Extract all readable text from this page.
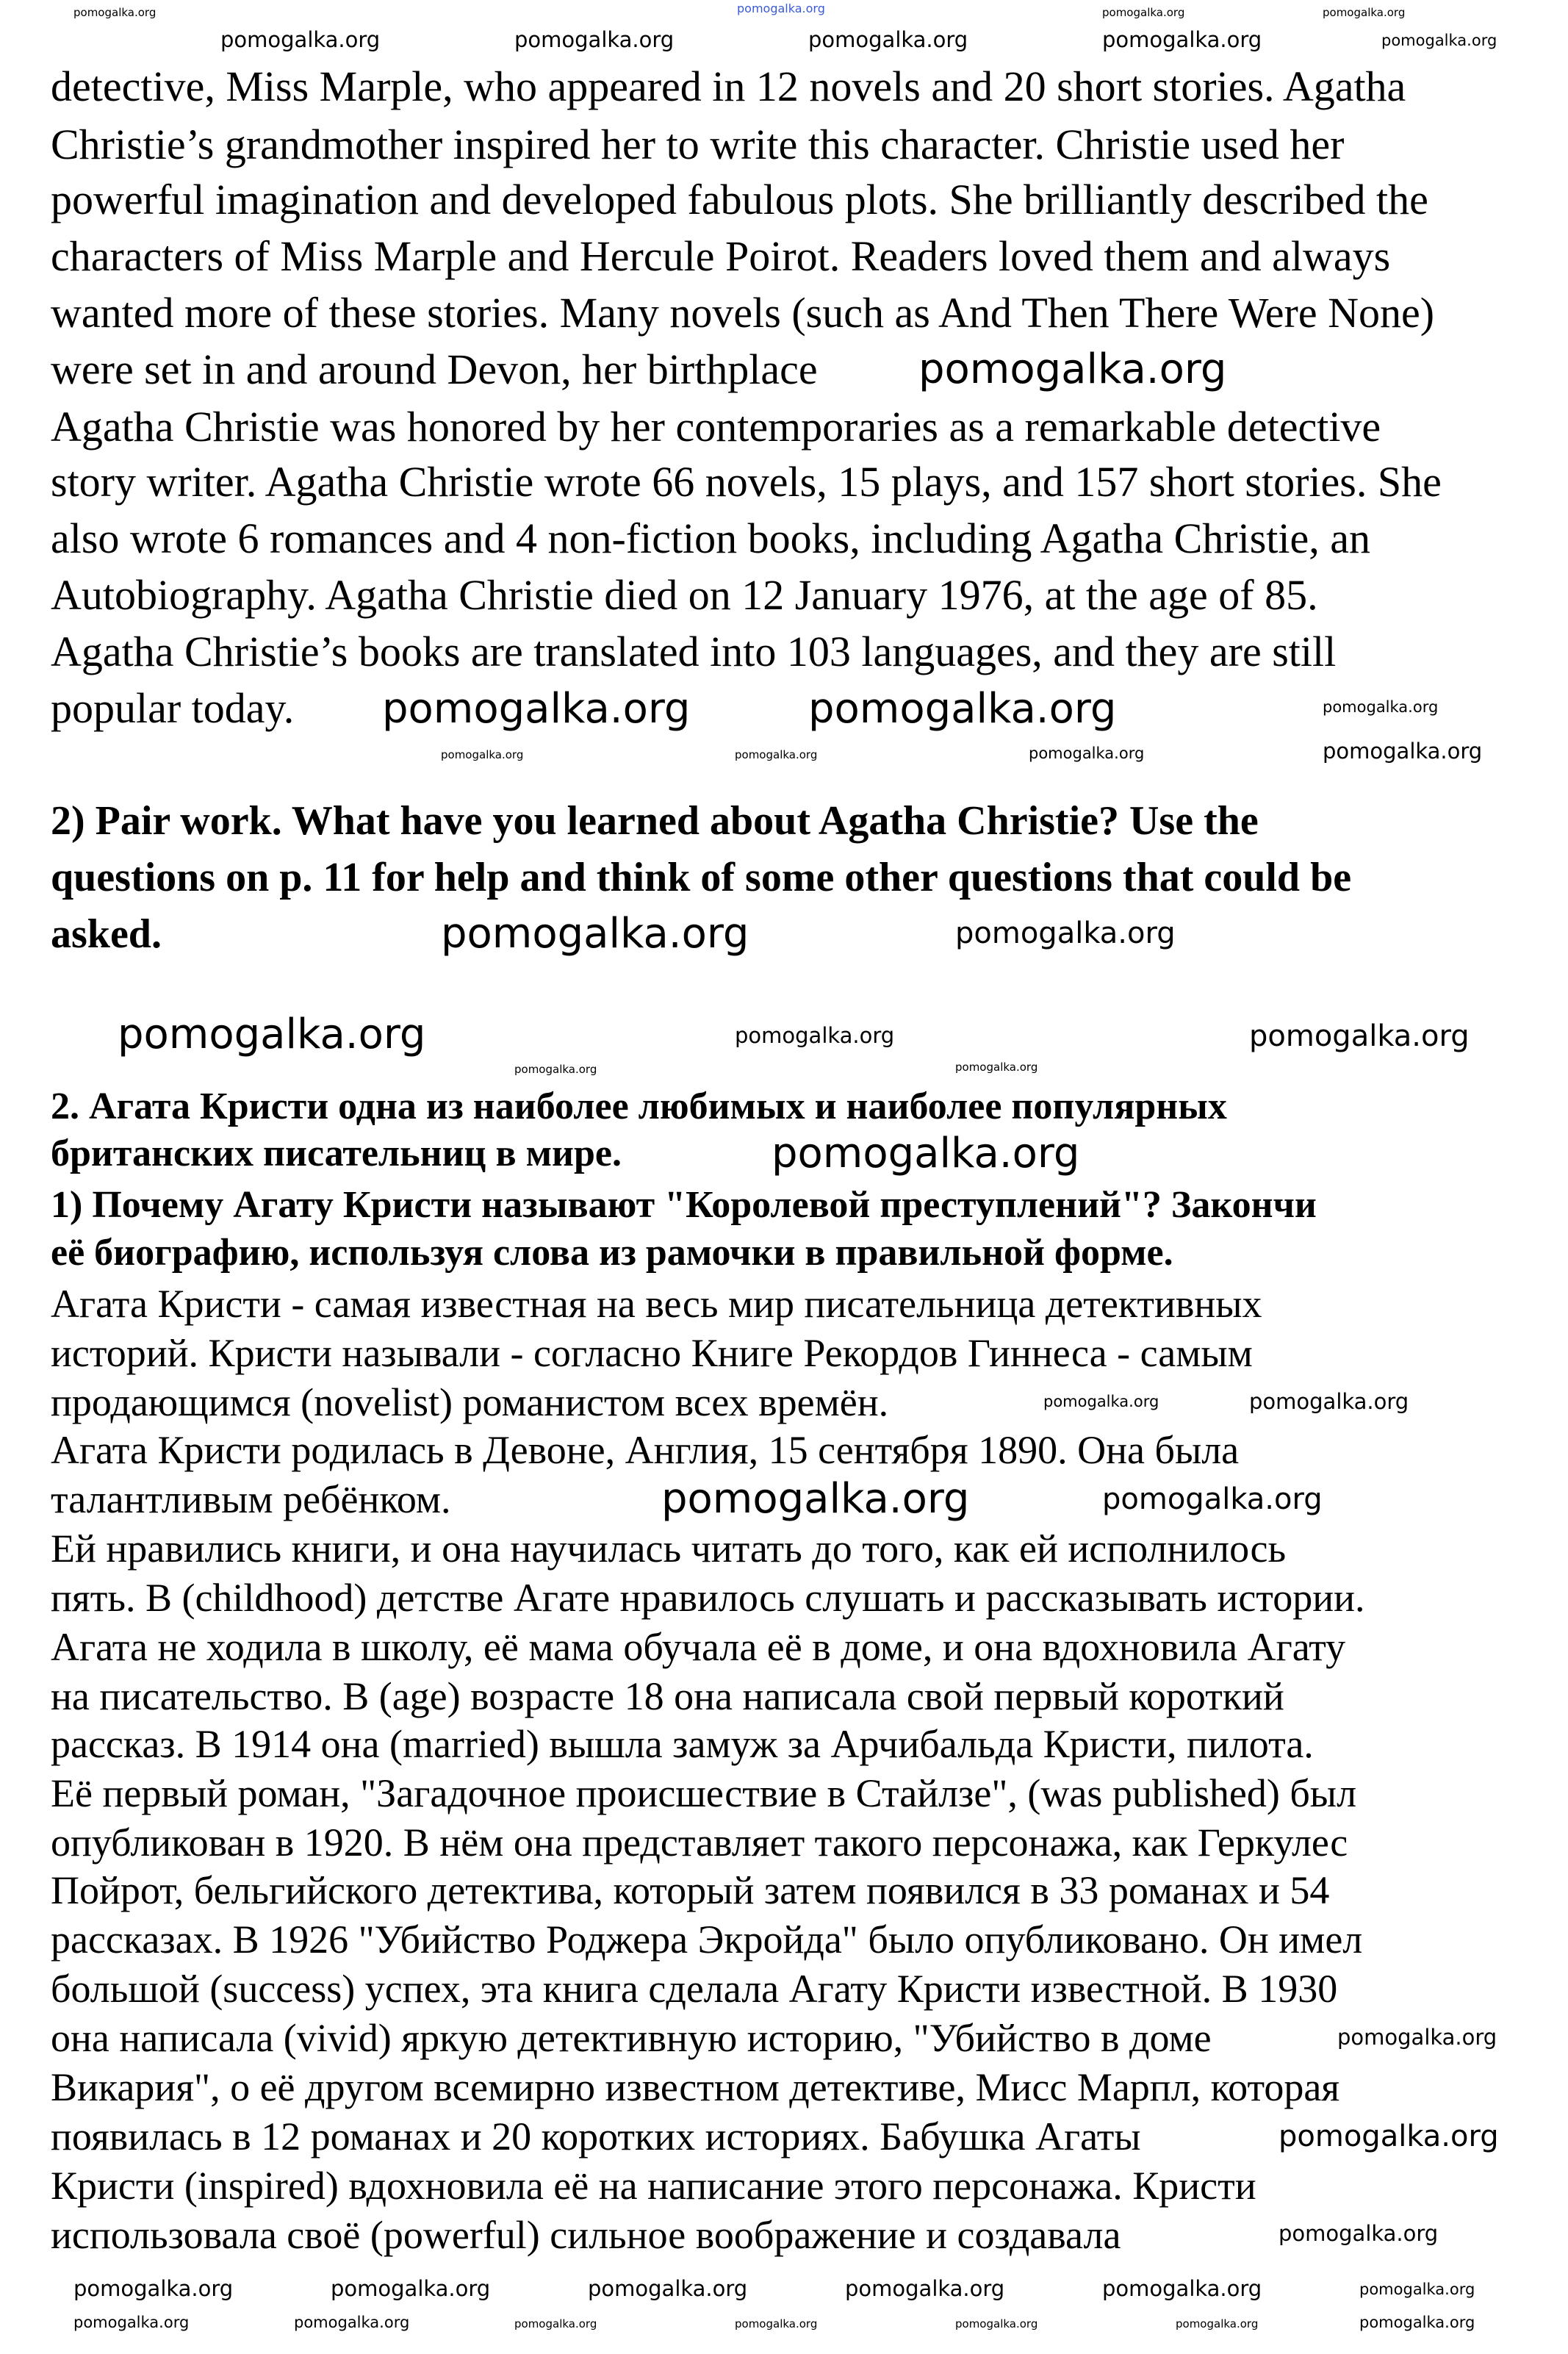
detective, Miss Marple, who appeared in 12 novels and 20 short stories. Agatha
Christie’s grandmother inspired her to write this character. Christie used her
powerful imagination and developed fabulous plots. She brilliantly described the
characters of Miss Marple and Hercule Poirot. Readers loved them and always
wanted more of these stories. Many novels (such as And Then There Were None)
were set in and around Devon, her birthplace
Agatha Christie was honored by her contemporaries as a remarkable detective
story writer. Agatha Christie wrote 66 novels, 15 plays, and 157 short stories. She
also wrote 6 romances and 4 non-fiction books, including Agatha Christie, an
Autobiography. Agatha Christie died on 12 January 1976, at the age of 85.
Agatha Christie’s books are translated into 103 languages, and they are still
popular today.
2) Pair work. What have you learned about Agatha Christie? Use the
questions on p. 11 for help and think of some other questions that could be
asked.
2. Агата Кристи одна из наиболее любимых и наиболее популярных
британских писательниц в мире.
1) Почему Агату Кристи называют "Королевой преступлений"? Закончи
её биографию, используя слова из рамочки в правильной форме.
Агата Кристи - самая известная на весь мир писательница детективных
историй. Кристи называли - согласно Книге Рекордов Гиннеса - самым
продающимся (novelist) романистом всех времён.
Агата Кристи родилась в Девоне, Англия, 15 сентября 1890. Она была
талантливым ребёнком.
Ей нравились книги, и она научилась читать до того, как ей исполнилось
пять. В (childhood) детстве Агате нравилось слушать и рассказывать истории.
Агата не ходила в школу, её мама обучала её в доме, и она вдохновила Агату
на писательство. В (age) возрасте 18 она написала свой первый короткий
рассказ. В 1914 она (married) вышла замуж за Арчибальда Кристи, пилота.
Её первый роман, "Загадочное происшествие в Стайлзе", (was published) был
опубликован в 1920. В нём она представляет такого персонажа, как Геркулес
Пойрот, бельгийского детектива, который затем появился в 33 романах и 54
рассказах. В 1926 "Убийство Роджера Экройда" было опубликовано. Он имел
большой (success) успех, эта книга сделала Агату Кристи известной. В 1930
она написала (vivid) яркую детективную историю, "Убийство в доме
Викария", о её другом всемирно известном детективе, Мисс Марпл, которая
появилась в 12 романах и 20 коротких историях. Бабушка Агаты
Кристи (inspired) вдохновила её на написание этого персонажа. Кристи
использовала своё (powerful) сильное воображение и создавала
pomogalka.org
pomogalka.org	pomogalka.org	pomogalka.org
pomogalka.org	pomogalka.org	pomogalka.org	pomogalka.org	pomogalka.org
pomogalka.org
pomogalka.org	pomogalka.org	pomogalka.org
pomogalka.org
pomogalka.org
pomogalka.org
pomogalka.org
pomogalka.org	pomogalka.org
pomogalka.org	pomogalka.org
pomogalka.org
pomogalka.org
pomogalka.org
pomogalka.org
pomogalka.org	pomogalka.org
pomogalka.org	pomogalka.org
pomogalka.org
pomogalka.org
pomogalka.org
pomogalka.org	pomogalka.org	pomogalka.org	pomogalka.org	pomogalka.org	pomogalka.org
pomogalka.org	pomogalka.org	pomogalka.org	pomogalka.org	pomogalka.org	pomogalka.org	pomogalka.org
